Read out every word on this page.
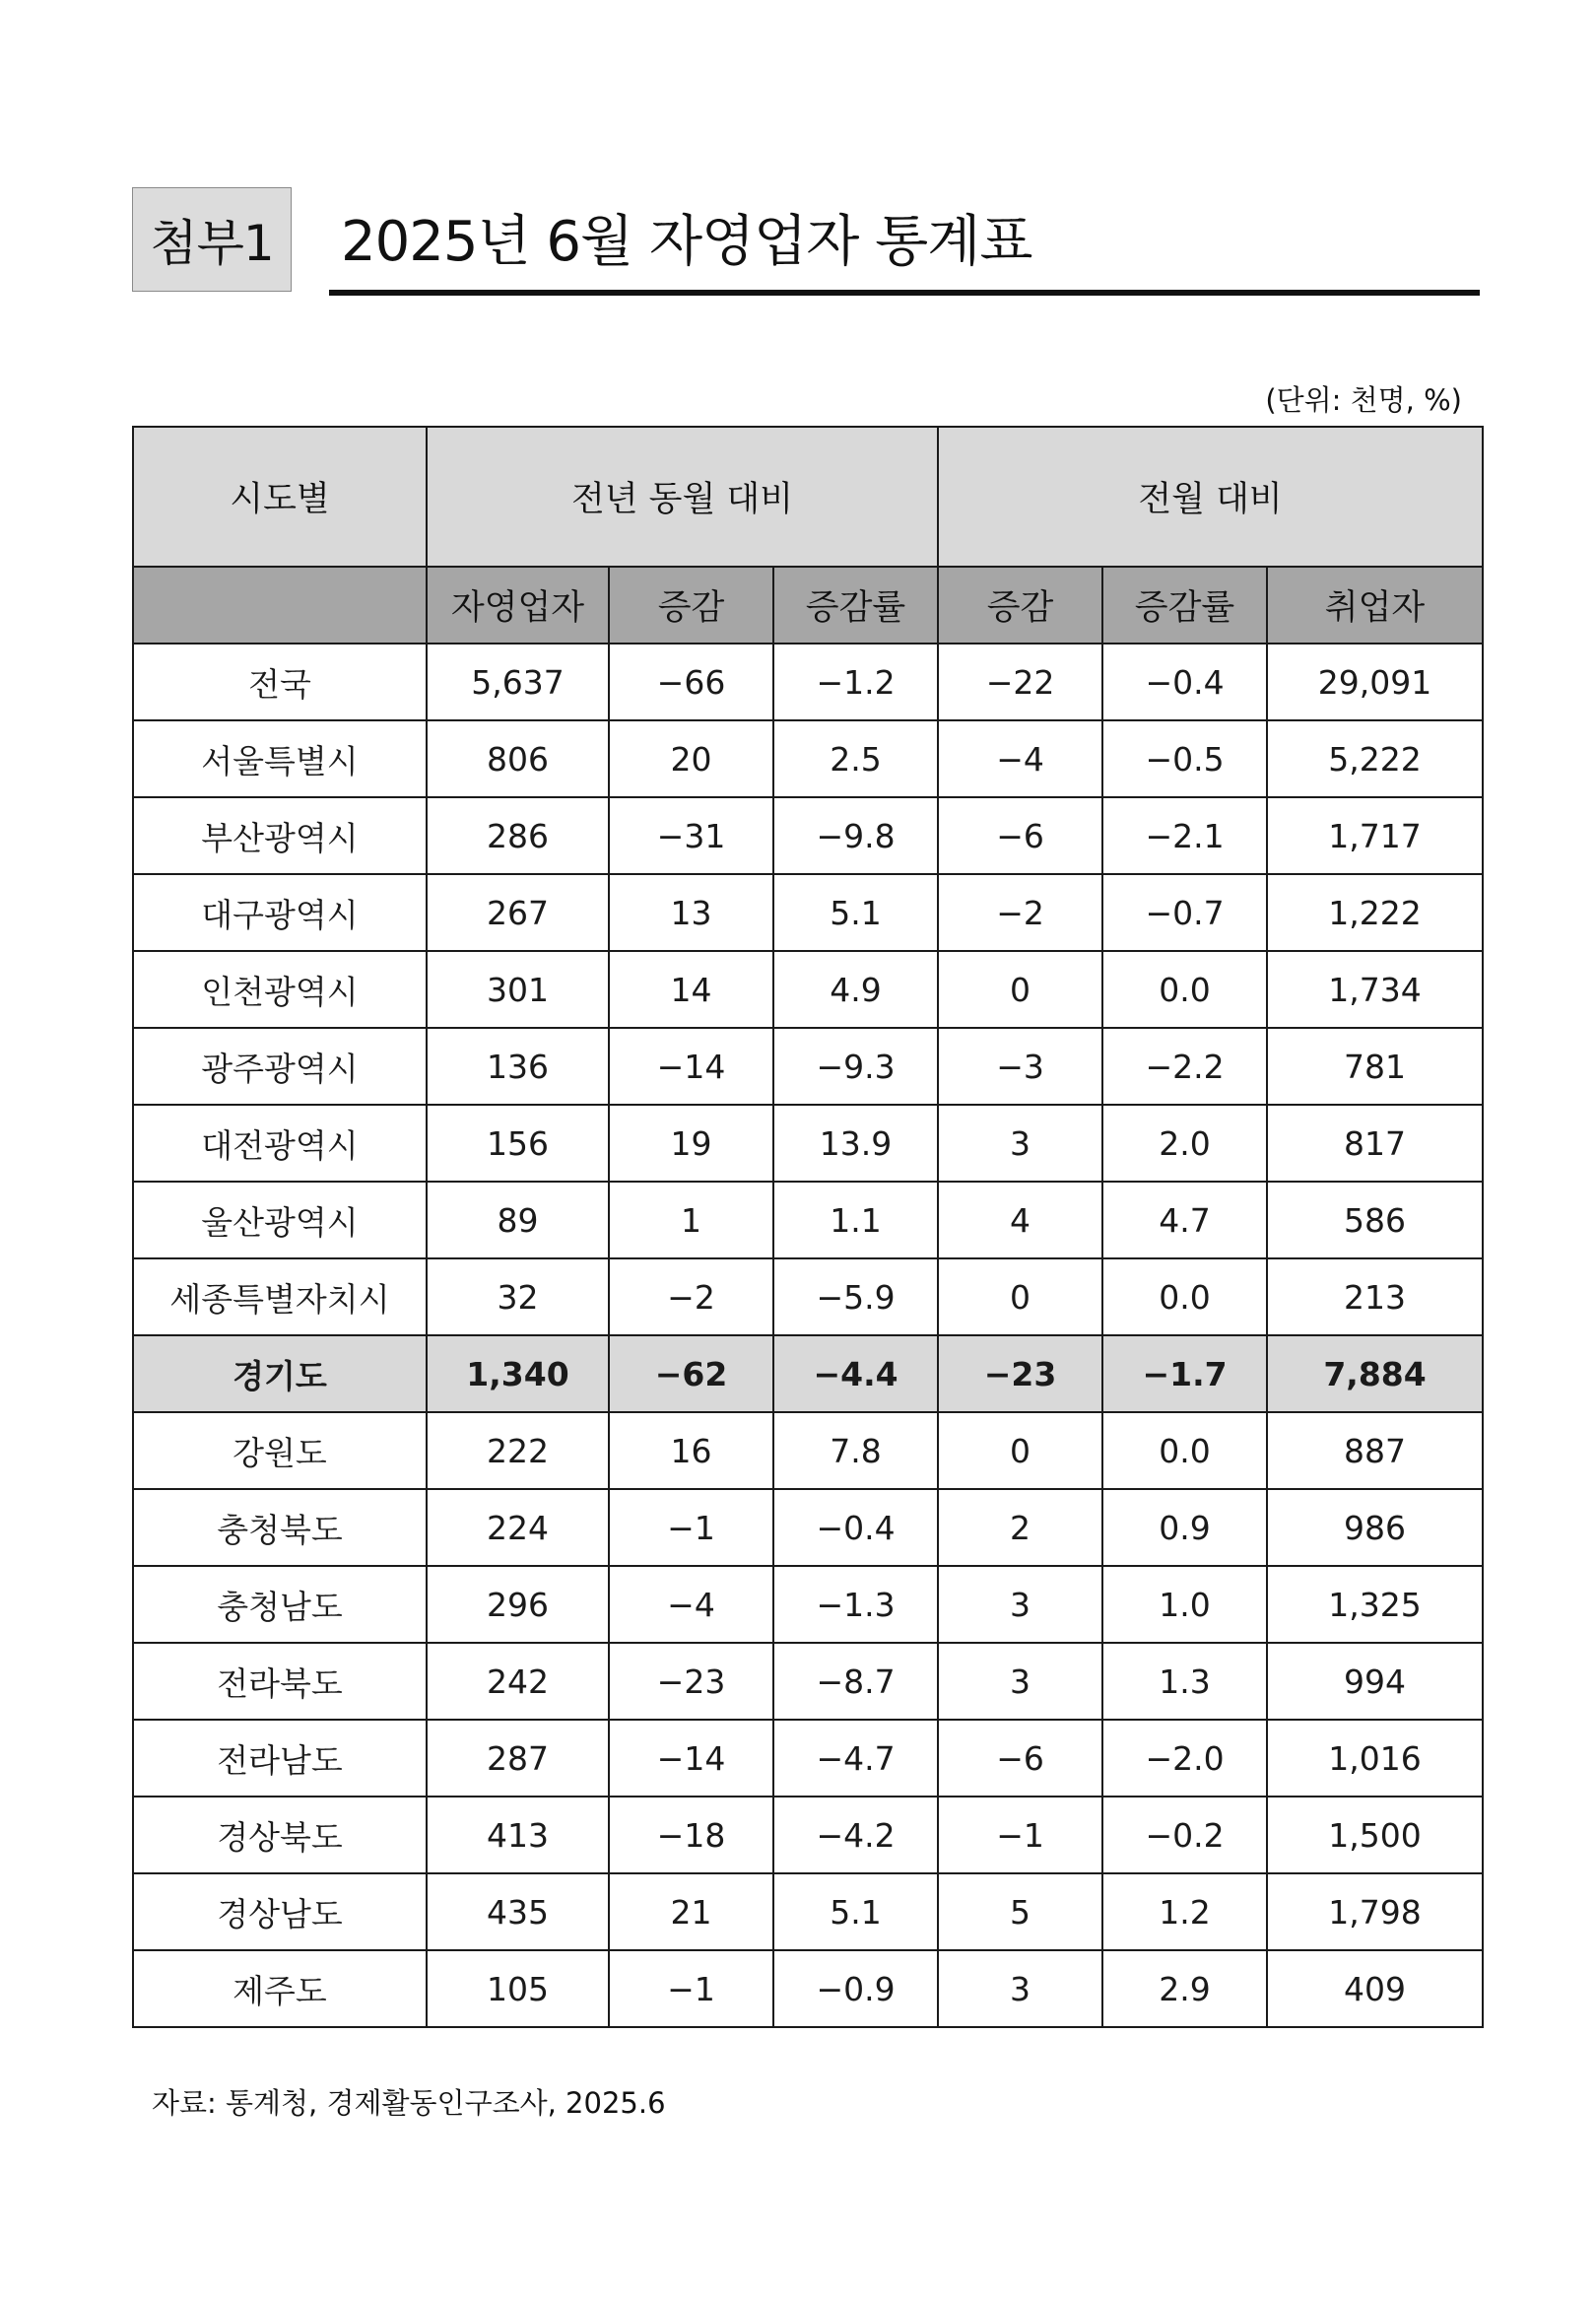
첨부1	2025년 6월 자영업자 통계표
(단위: 천명, %)
시도별	전년 동월 대비			전월 대비		
	자영업자	증감	증감률	증감	증감률	취업자
전국	5,637	−66	−1.2	−22	−0.4	29,091
서울특별시	806	20	2.5	−4	−0.5	5,222
부산광역시	286	−31	−9.8	−6	−2.1	1,717
대구광역시	267	13	5.1	−2	−0.7	1,222
인천광역시	301	14	4.9	0	0.0	1,734
광주광역시	136	−14	−9.3	−3	−2.2	781
대전광역시	156	19	13.9	3	2.0	817
울산광역시	89	1	1.1	4	4.7	586
세종특별자치시	32	−2	−5.9	0	0.0	213
경기도	1,340	−62	−4.4	−23	−1.7	7,884
강원도	222	16	7.8	0	0.0	887
충청북도	224	−1	−0.4	2	0.9	986
충청남도	296	−4	−1.3	3	1.0	1,325
전라북도	242	−23	−8.7	3	1.3	994
전라남도	287	−14	−4.7	−6	−2.0	1,016
경상북도	413	−18	−4.2	−1	−0.2	1,500
경상남도	435	21	5.1	5	1.2	1,798
제주도	105	−1	−0.9	3	2.9	409
자료: 통계청, 경제활동인구조사, 2025.6
